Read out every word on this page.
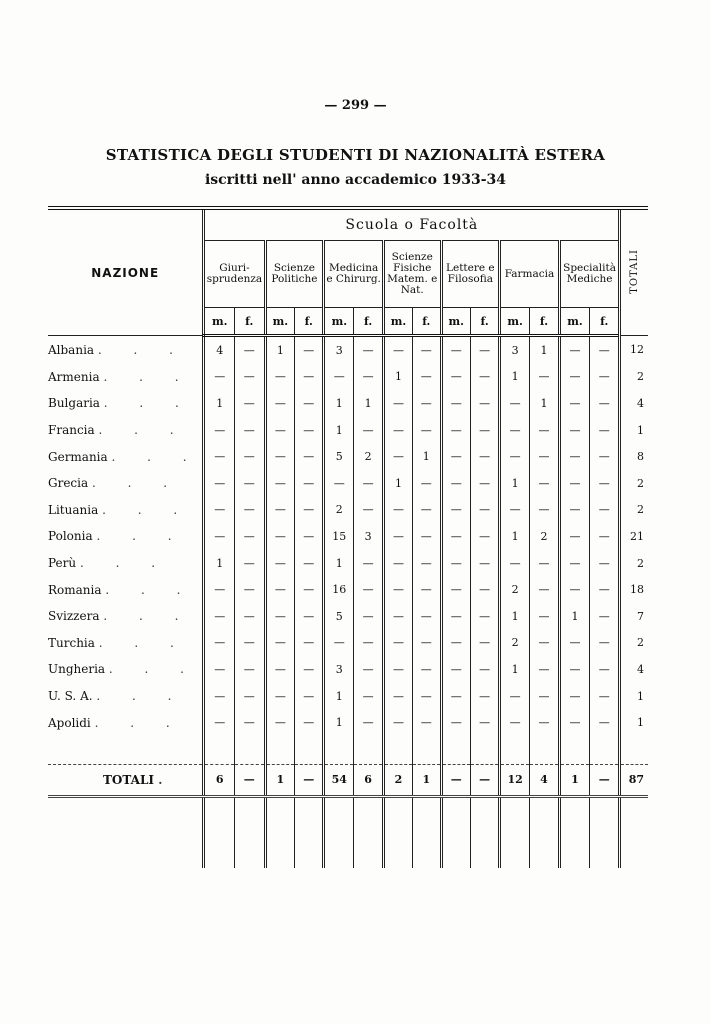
— 299 —
STATISTICA DEGLI STUDENTI DI NAZIONALITÀ ESTERA
iscritti nell' anno accademico 1933-34
NAZIONE	Scuola o Facoltà														TOTALI
	Giuri-sprudenza		Scienze Politiche		Medicina e Chirurg.		Scienze Fisiche Matem. e Nat.		Lettere e Filosofia		Farmacia		Specialità Mediche		
	m.	f.	m.	f.	m.	f.	m.	f.	m.	f.	m.	f.	m.	f.	
Albania . . .	4	—	1	—	3	—	—	—	—	—	3	1	—	—	12
Armenia . . .	—	—	—	—	—	—	1	—	—	—	1	—	—	—	2
Bulgaria . . .	1	—	—	—	1	1	—	—	—	—	—	1	—	—	4
Francia . . .	—	—	—	—	1	—	—	—	—	—	—	—	—	—	1
Germania . . .	—	—	—	—	5	2	—	1	—	—	—	—	—	—	8
Grecia . . .	—	—	—	—	—	—	1	—	—	—	1	—	—	—	2
Lituania . . .	—	—	—	—	2	—	—	—	—	—	—	—	—	—	2
Polonia . . .	—	—	—	—	15	3	—	—	—	—	1	2	—	—	21
Perù . . .	1	—	—	—	1	—	—	—	—	—	—	—	—	—	2
Romania . . .	—	—	—	—	16	—	—	—	—	—	2	—	—	—	18
Svizzera . . .	—	—	—	—	5	—	—	—	—	—	1	—	1	—	7
Turchia . . .	—	—	—	—	—	—	—	—	—	—	2	—	—	—	2
Ungheria . . .	—	—	—	—	3	—	—	—	—	—	1	—	—	—	4
U. S. A. . . .	—	—	—	—	1	—	—	—	—	—	—	—	—	—	1
Apolidi . . .	—	—	—	—	1	—	—	—	—	—	—	—	—	—	1

TOTALI .	6	—	1	—	54	6	2	1	—	—	12	4	1	—	87
